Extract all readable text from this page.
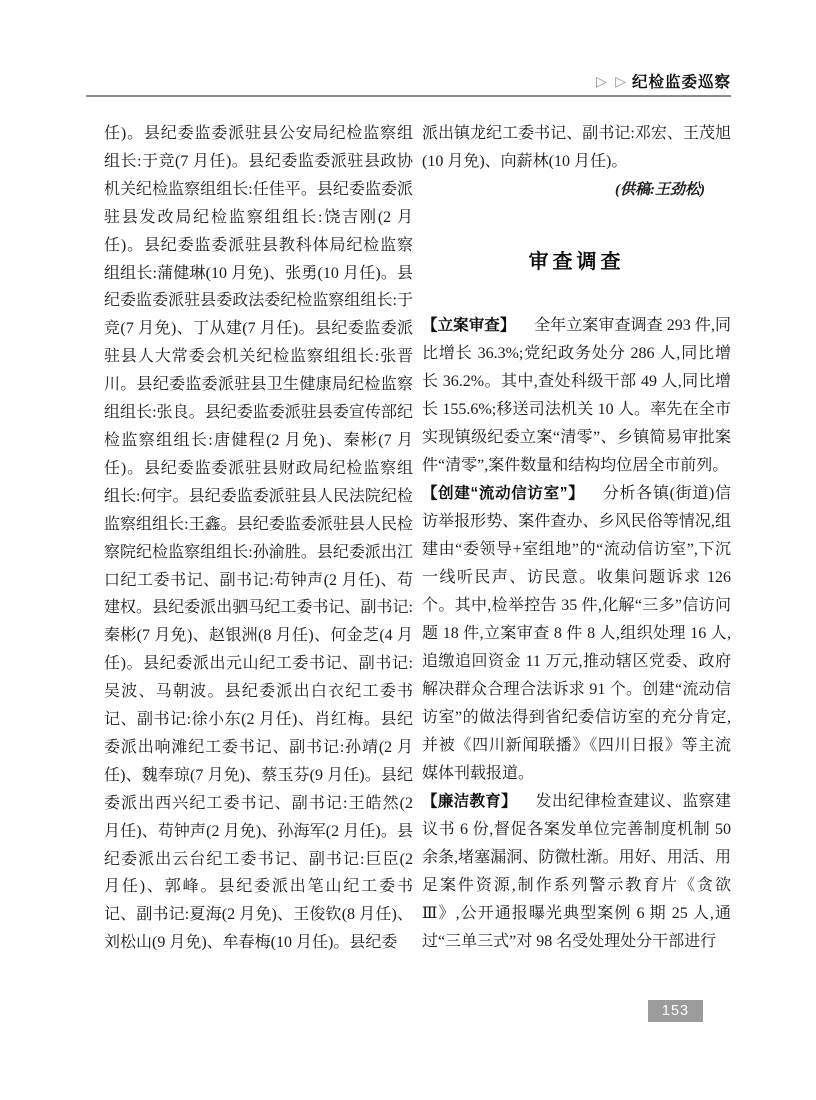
▷ ▷ 纪检监委巡察

任)。县纪委监委派驻县公安局纪检监察组组长:于竞(7 月任)。县纪委监委派驻县政协机关纪检监察组组长:任佳平。县纪委监委派驻县发改局纪检监察组组长:饶吉刚(2 月任)。县纪委监委派驻县教科体局纪检监察组组长:蒲健琳(10 月免)、张勇(10 月任)。县纪委监委派驻县委政法委纪检监察组组长:于竞(7 月免)、丁从建(7 月任)。县纪委监委派驻县人大常委会机关纪检监察组组长:张晋川。县纪委监委派驻县卫生健康局纪检监察组组长:张良。县纪委监委派驻县委宣传部纪检监察组组长:唐健程(2 月免)、秦彬(7 月任)。县纪委监委派驻县财政局纪检监察组组长:何宇。县纪委监委派驻县人民法院纪检监察组组长:王鑫。县纪委监委派驻县人民检察院纪检监察组组长:孙渝胜。县纪委派出江口纪工委书记、副书记:苟钟声(2 月任)、苟建权。县纪委派出驷马纪工委书记、副书记:秦彬(7 月免)、赵银洲(8 月任)、何金芝(4 月任)。县纪委派出元山纪工委书记、副书记:吴波、马朝波。县纪委派出白衣纪工委书记、副书记:徐小东(2 月任)、肖红梅。县纪委派出响滩纪工委书记、副书记:孙靖(2 月任)、魏奉琼(7 月免)、蔡玉芬(9 月任)。县纪委派出西兴纪工委书记、副书记:王皓然(2 月任)、苟钟声(2 月免)、孙海军(2 月任)。县纪委派出云台纪工委书记、副书记:巨臣(2 月任)、郭峰。县纪委派出笔山纪工委书记、副书记:夏海(2 月免)、王俊钦(8 月任)、刘松山(9 月免)、牟春梅(10 月任)。县纪委

派出镇龙纪工委书记、副书记:邓宏、王茂旭(10 月免)、向薪林(10 月任)。

(供稿:王劲松)

审查调查

【立案审查】 全年立案审查调查 293 件,同比增长 36.3%;党纪政务处分 286 人,同比增长 36.2%。其中,查处科级干部 49 人,同比增长 155.6%;移送司法机关 10 人。率先在全市实现镇级纪委立案“清零”、乡镇简易审批案件“清零”,案件数量和结构均位居全市前列。

【创建“流动信访室”】 分析各镇(街道)信访举报形势、案件查办、乡风民俗等情况,组建由“委领导+室组地”的“流动信访室”,下沉一线听民声、访民意。收集问题诉求 126 个。其中,检举控告 35 件,化解“三多”信访问题 18 件,立案审查 8 件 8 人,组织处理 16 人,追缴追回资金 11 万元,推动辖区党委、政府解决群众合理合法诉求 91 个。创建“流动信访室”的做法得到省纪委信访室的充分肯定,并被《四川新闻联播》《四川日报》等主流媒体刊载报道。

【廉洁教育】 发出纪律检查建议、监察建议书 6 份,督促各案发单位完善制度机制 50 余条,堵塞漏洞、防微杜渐。用好、用活、用足案件资源,制作系列警示教育片《贪欲Ⅲ》,公开通报曝光典型案例 6 期 25 人,通过“三单三式”对 98 名受处理处分干部进行

153
